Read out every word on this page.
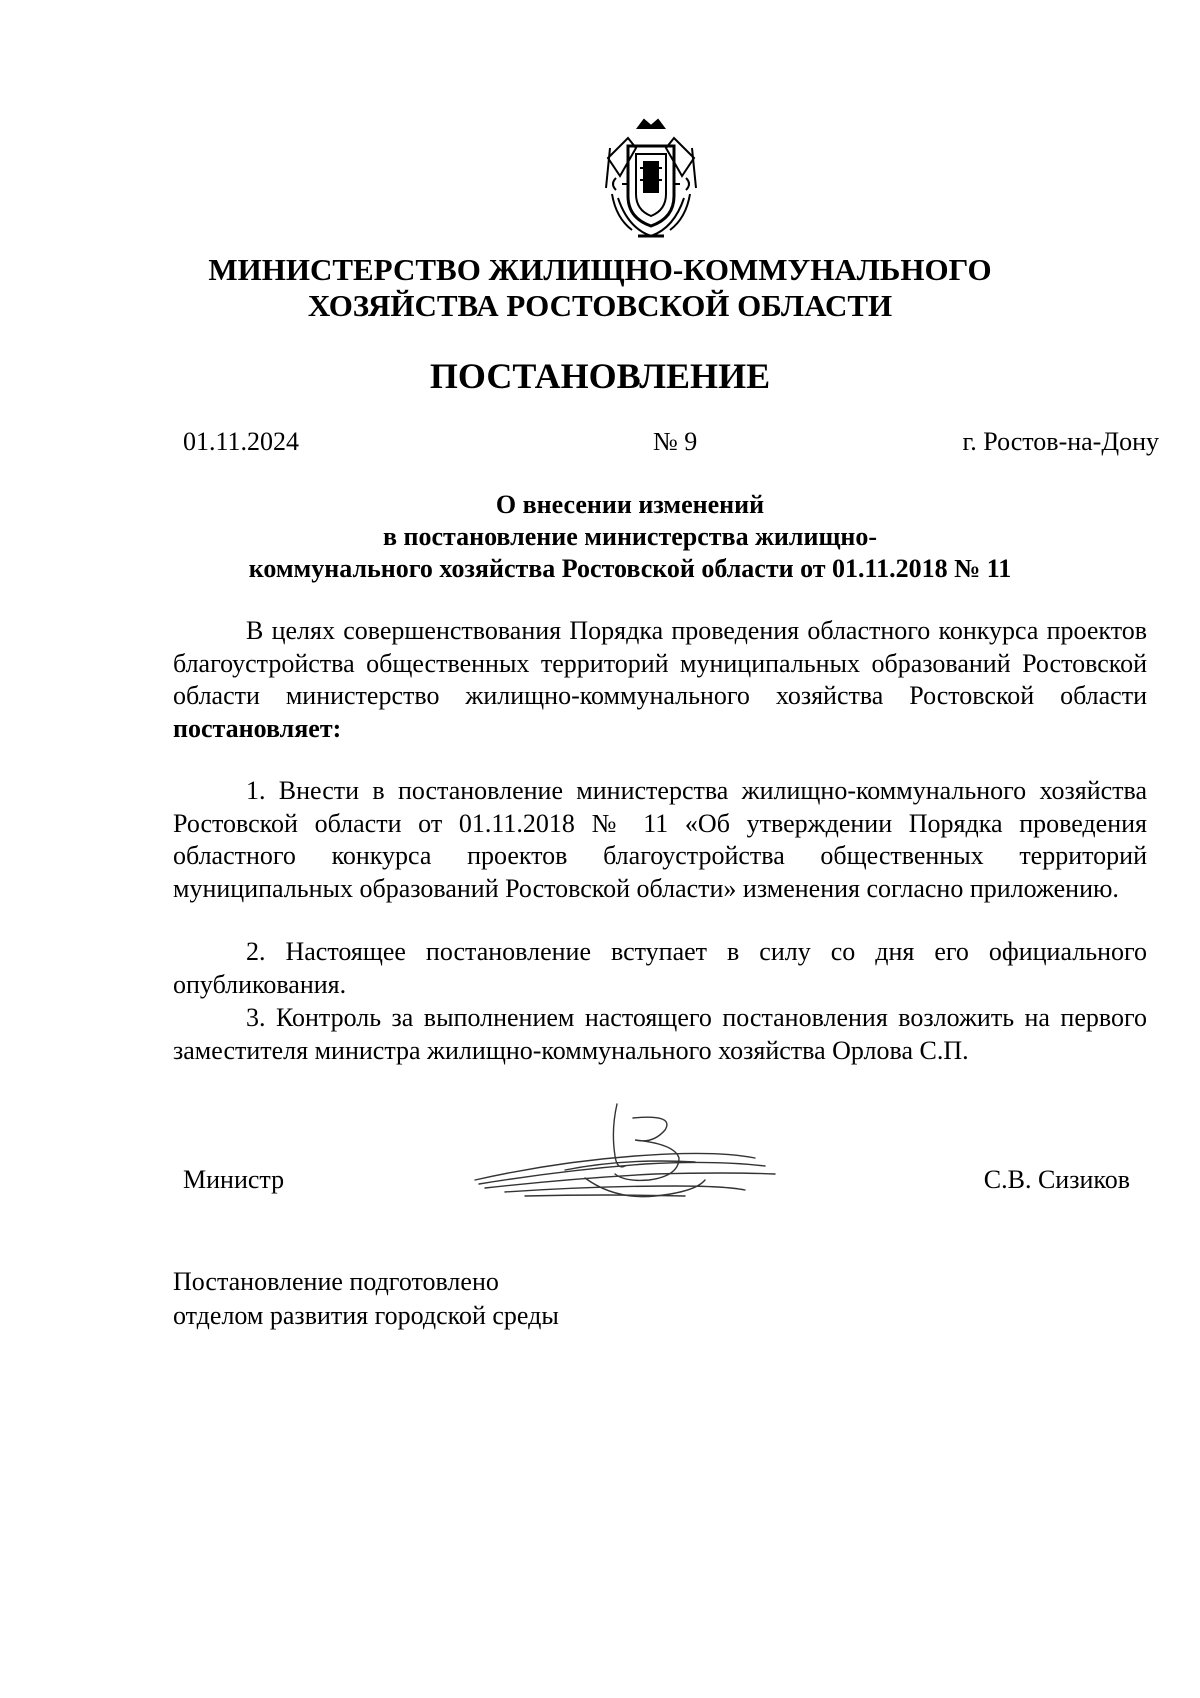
МИНИСТЕРСТВО ЖИЛИЩНО-КОММУНАЛЬНОГО
ХОЗЯЙСТВА РОСТОВСКОЙ ОБЛАСТИ
ПОСТАНОВЛЕНИЕ
01.11.2024	№ 9	г. Ростов-на-Дону
О внесении изменений
в постановление министерства жилищно-
коммунального хозяйства Ростовской области от 01.11.2018 № 11
В целях совершенствования Порядка проведения областного конкурса проектов благоустройства общественных территорий муниципальных образований Ростовской области министерство жилищно-коммунального хозяйства Ростовской области постановляет:
1. Внести в постановление министерства жилищно-коммунального хозяйства Ростовской области от 01.11.2018 № 11 «Об утверждении Порядка проведения областного конкурса проектов благоустройства общественных территорий муниципальных образований Ростовской области» изменения согласно приложению.
2. Настоящее постановление вступает в силу со дня его официального опубликования.
3. Контроль за выполнением настоящего постановления возложить на первого заместителя министра жилищно-коммунального хозяйства Орлова С.П.
Министр	С.В. Сизиков
Постановление подготовлено
отделом развития городской среды
